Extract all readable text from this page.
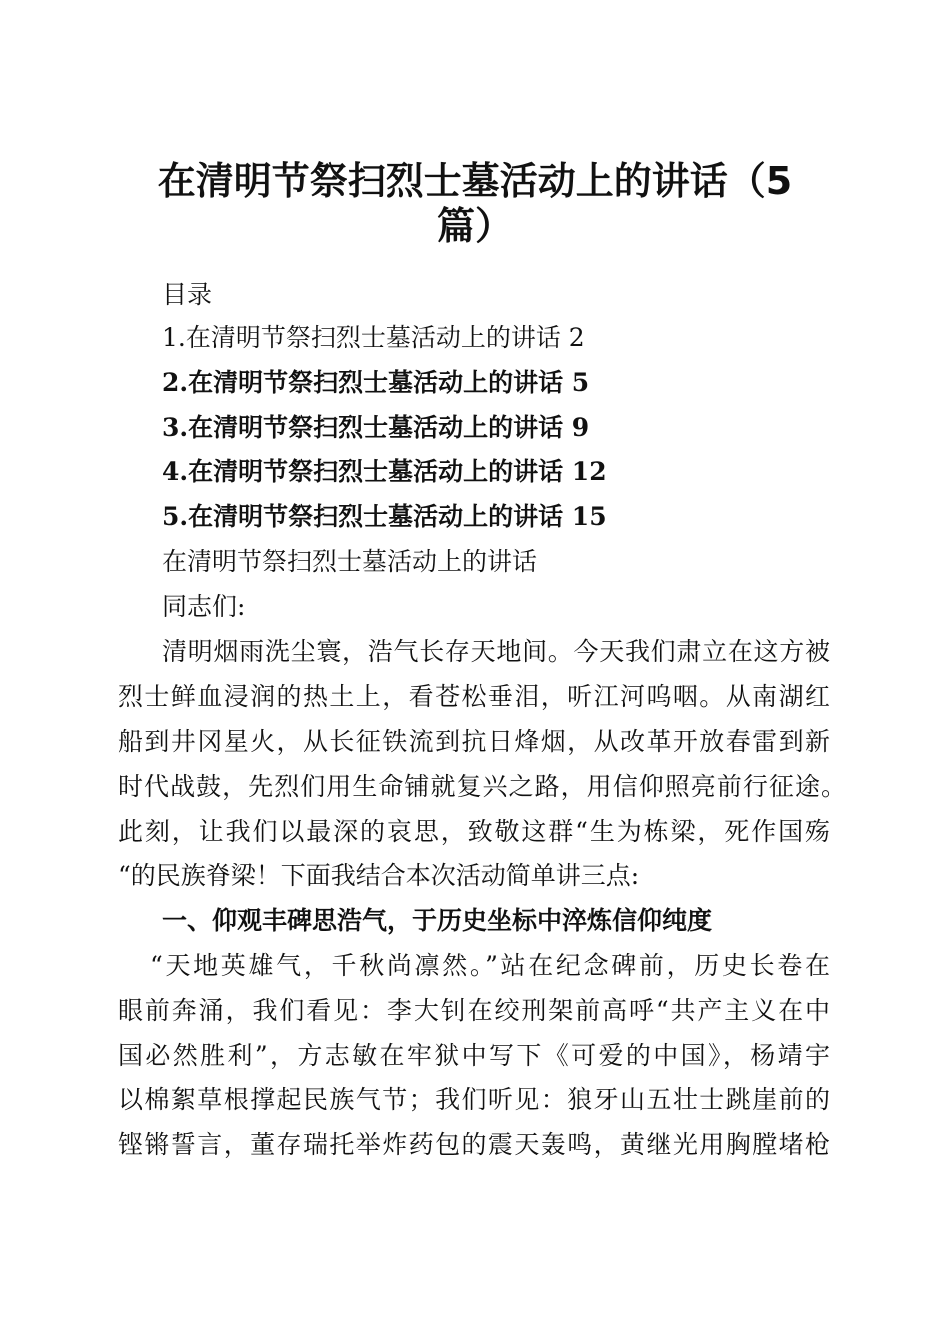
在清明节祭扫烈士墓活动上的讲话（5
篇）
目录
1.在清明节祭扫烈士墓活动上的讲话 2
2.在清明节祭扫烈士墓活动上的讲话 5
3.在清明节祭扫烈士墓活动上的讲话 9
4.在清明节祭扫烈士墓活动上的讲话 12
5.在清明节祭扫烈士墓活动上的讲话 15
在清明节祭扫烈士墓活动上的讲话
同志们:
清明烟雨洗尘寰，浩气长存天地间。今天我们肃立在这方被
烈士鲜血浸润的热土上，看苍松垂泪，听江河呜咽。从南湖红
船到井冈星火，从长征铁流到抗日烽烟，从改革开放春雷到新
时代战鼓，先烈们用生命铺就复兴之路，用信仰照亮前行征途。
此刻，让我们以最深的哀思，致敬这群“生为栋梁，死作国殇
“的民族脊梁！下面我结合本次活动简单讲三点:
一、仰观丰碑思浩气，于历史坐标中淬炼信仰纯度
“天地英雄气，千秋尚凛然。”站在纪念碑前，历史长卷在
眼前奔涌，我们看见：李大钊在绞刑架前高呼“共产主义在中
国必然胜利”，方志敏在牢狱中写下《可爱的中国》，杨靖宇
以棉絮草根撑起民族气节；我们听见：狼牙山五壮士跳崖前的
铿锵誓言，董存瑞托举炸药包的震天轰鸣，黄继光用胸膛堵枪
